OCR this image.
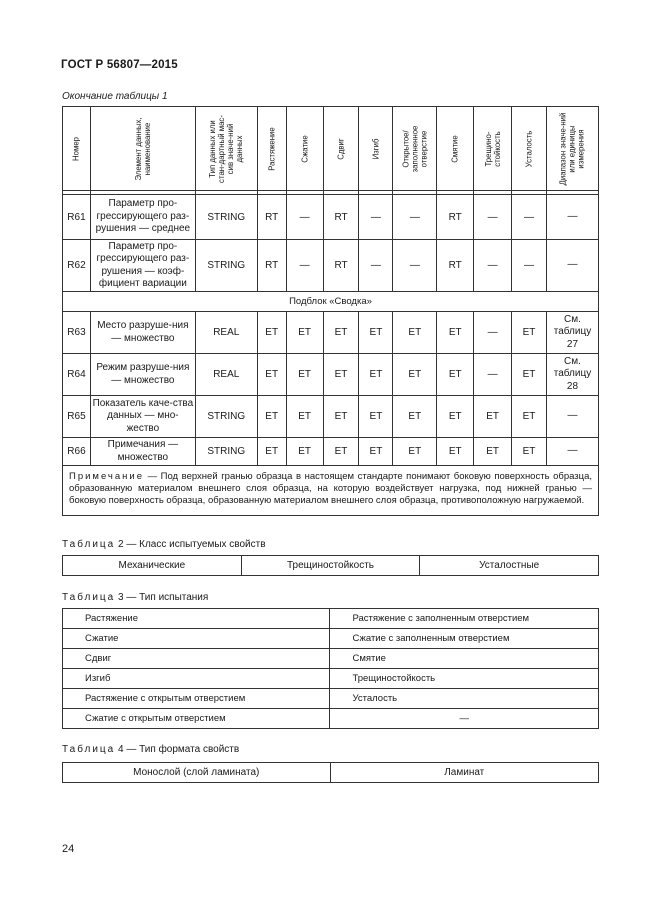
ГОСТ Р 56807—2015
Окончание таблицы 1
Номер	Элемент данных, наименование	Тип данных или стан-дартный мас-сив значе-ний данных	Растяжение	Сжатие	Сдвиг	Изгиб	Открытое/ заполненное отверстие	Смятие	Трещино-стойкость	Усталость	Диапазон значе-ний или единицы измерения

R61	Параметр про-грессирующего раз-рушения — среднее	STRING	RT	—	RT	—	—	RT	—	—	—
R62	Параметр про-грессирующего раз-рушения — коэф-фициент вариации	STRING	RT	—	RT	—	—	RT	—	—	—
Подблок «Сводка»											
R63	Место разруше-ния — множество	REAL	ET	ET	ET	ET	ET	ET	—	ET	См. таблицу 27
R64	Режим разруше-ния — множество	REAL	ET	ET	ET	ET	ET	ET	—	ET	См. таблицу 28
R65	Показатель каче-ства данных — мно-жество	STRING	ET	ET	ET	ET	ET	ET	ET	ET	—
R66	Примечания — множество	STRING	ET	ET	ET	ET	ET	ET	ET	ET	—
Примечание — Под верхней гранью образца в настоящем стандарте понимают боковую поверхность образца, образованную материалом внешнего слоя образца, на которую воздействует нагрузка, под нижней гранью — боковую поверхность образца, образованную материалом внешнего слоя образца, противоположную нагружаемой.											
Таблица 2 — Класс испытуемых свойств
Механические	Трещиностойкость	Усталостные
Таблица 3 — Тип испытания
Растяжение	Растяжение с заполненным отверстием
Сжатие	Сжатие с заполненным отверстием
Сдвиг	Смятие
Изгиб	Трещиностойкость
Растяжение с открытым отверстием	Усталость
Сжатие с открытым отверстием	—
Таблица 4 — Тип формата свойств
Монослой (слой ламината)	Ламинат
24
